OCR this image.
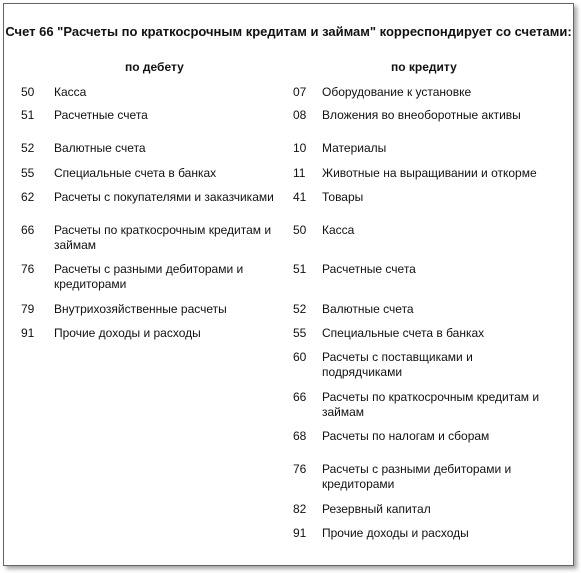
Счет 66 "Расчеты по краткосрочным кредитам и займам" корреспондирует со счетами:
по дебету	по кредиту
50 Касса
51 Расчетные счета
52 Валютные счета
55 Специальные счета в банках
62 Расчеты с покупателями и заказчиками
66 Расчеты по краткосрочным кредитам и займам
76 Расчеты с разными дебиторами и кредиторами
79 Внутрихозяйственные расчеты
91 Прочие доходы и расходы
07 Оборудование к установке
08 Вложения во внеоборотные активы
10 Материалы
11 Животные на выращивании и откорме
41 Товары
50 Касса
51 Расчетные счета
52 Валютные счета
55 Специальные счета в банках
60 Расчеты с поставщиками и подрядчиками
66 Расчеты по краткосрочным кредитам и займам
68 Расчеты по налогам и сборам
76 Расчеты с разными дебиторами и кредиторами
82 Резервный капитал
91 Прочие доходы и расходы
